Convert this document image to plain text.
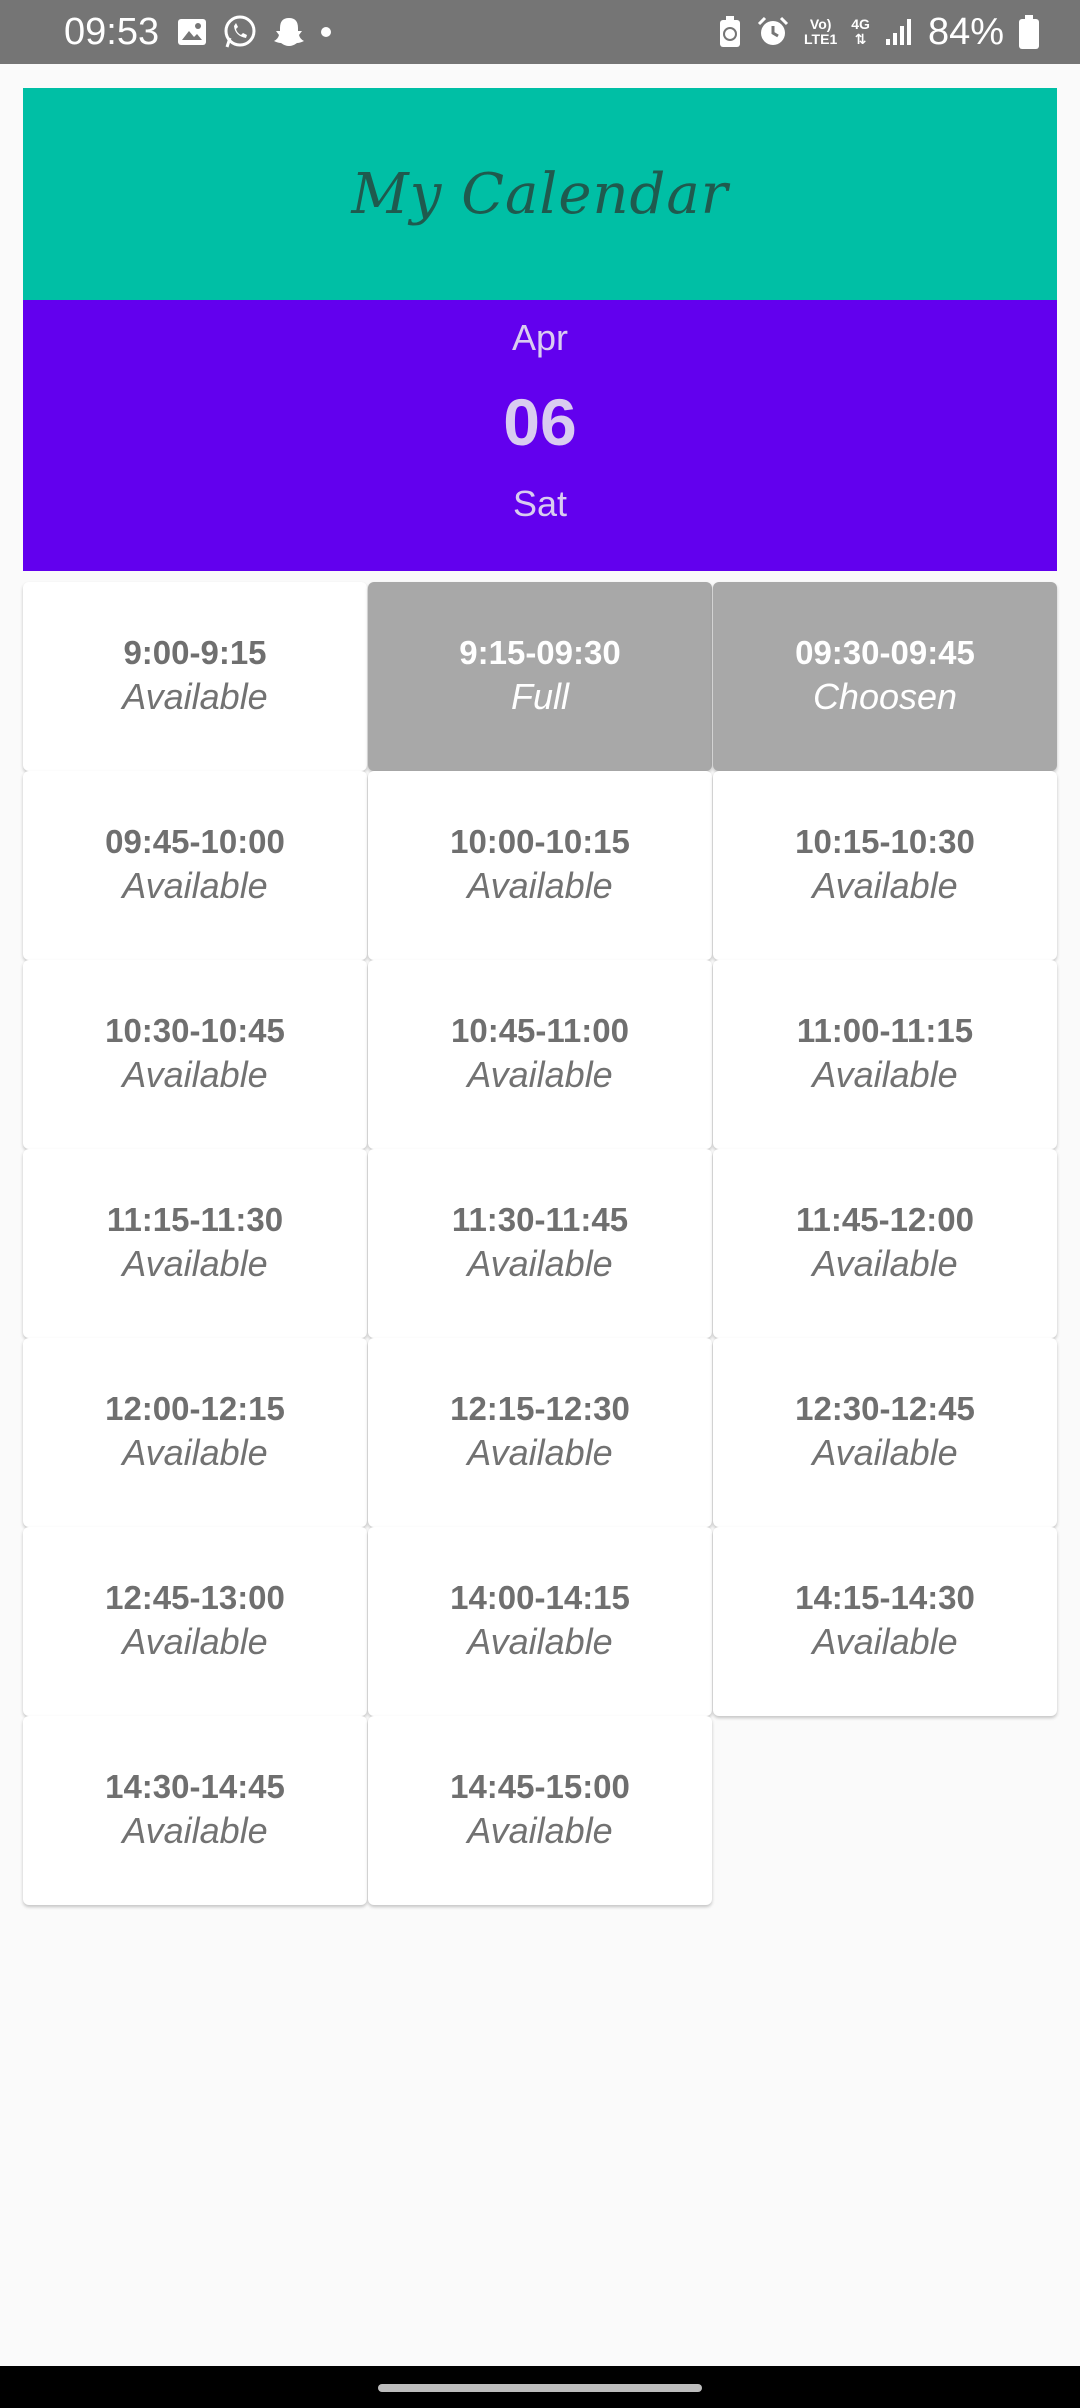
09:53	Vo)
LTE1
4G
⇅ 84%
My Calendar
Apr
06
Sat
9:00-9:15
Available
9:15-09:30
Full
09:30-09:45
Choosen
09:45-10:00
Available
10:00-10:15
Available
10:15-10:30
Available
10:30-10:45
Available
10:45-11:00
Available
11:00-11:15
Available
11:15-11:30
Available
11:30-11:45
Available
11:45-12:00
Available
12:00-12:15
Available
12:15-12:30
Available
12:30-12:45
Available
12:45-13:00
Available
14:00-14:15
Available
14:15-14:30
Available
14:30-14:45
Available
14:45-15:00
Available
